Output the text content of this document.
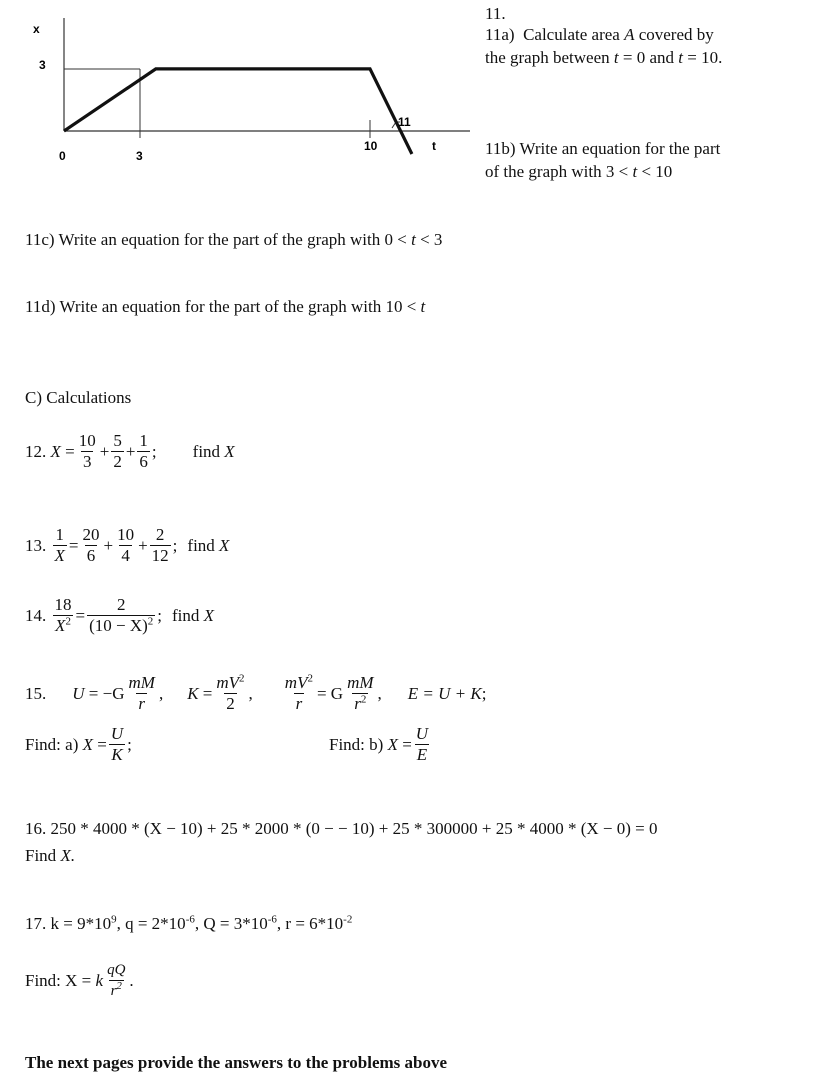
x
3
0	3
10
11
t
11.
11a) Calculate area A covered by
the graph between t = 0 and t = 10.
11b) Write an equation for the part
of the graph with 3 < t < 10
11c) Write an equation for the part of the graph with 0 < t < 3
11d) Write an equation for the part of the graph with 10 < t
C) Calculations
12.
X
= $\frac{10}{3} + \frac{5}{2} + \frac{1}{6}$ ; find
X
13.
$\frac{1}{X} = \frac{20}{6} + \frac{10}{4} + \frac{2}{12}$ ; find
X
14.
$\frac{18}{X^2} = \frac{2}{(10 - X)^2}$ ; find
X
15. U
= $-G \frac{mM}{r}$ , K
= $\frac{mV^2}{2}$ , $\frac{mV^2}{r} = G \frac{mM}{r^2}$ , E = U + K ;
Find: a)
$X = \frac{U}{K}$ ;	Find: b)
$X = \frac{U}{E}$
16. 250 * 4000 * (X − 10) + 25 * 2000 * (0 − − 10) + 25 * 300000 + 25 * 4000 * (X − 0) = 0
Find X.
17. $k = 9*10^9$, $q = 2*10^{-6}$, $Q = 3*10^{-6}$, $r = 6*10^{-2}$
Find: X =
k $\frac{qQ}{r^2}$ .
The next pages provide the answers to the problems above
